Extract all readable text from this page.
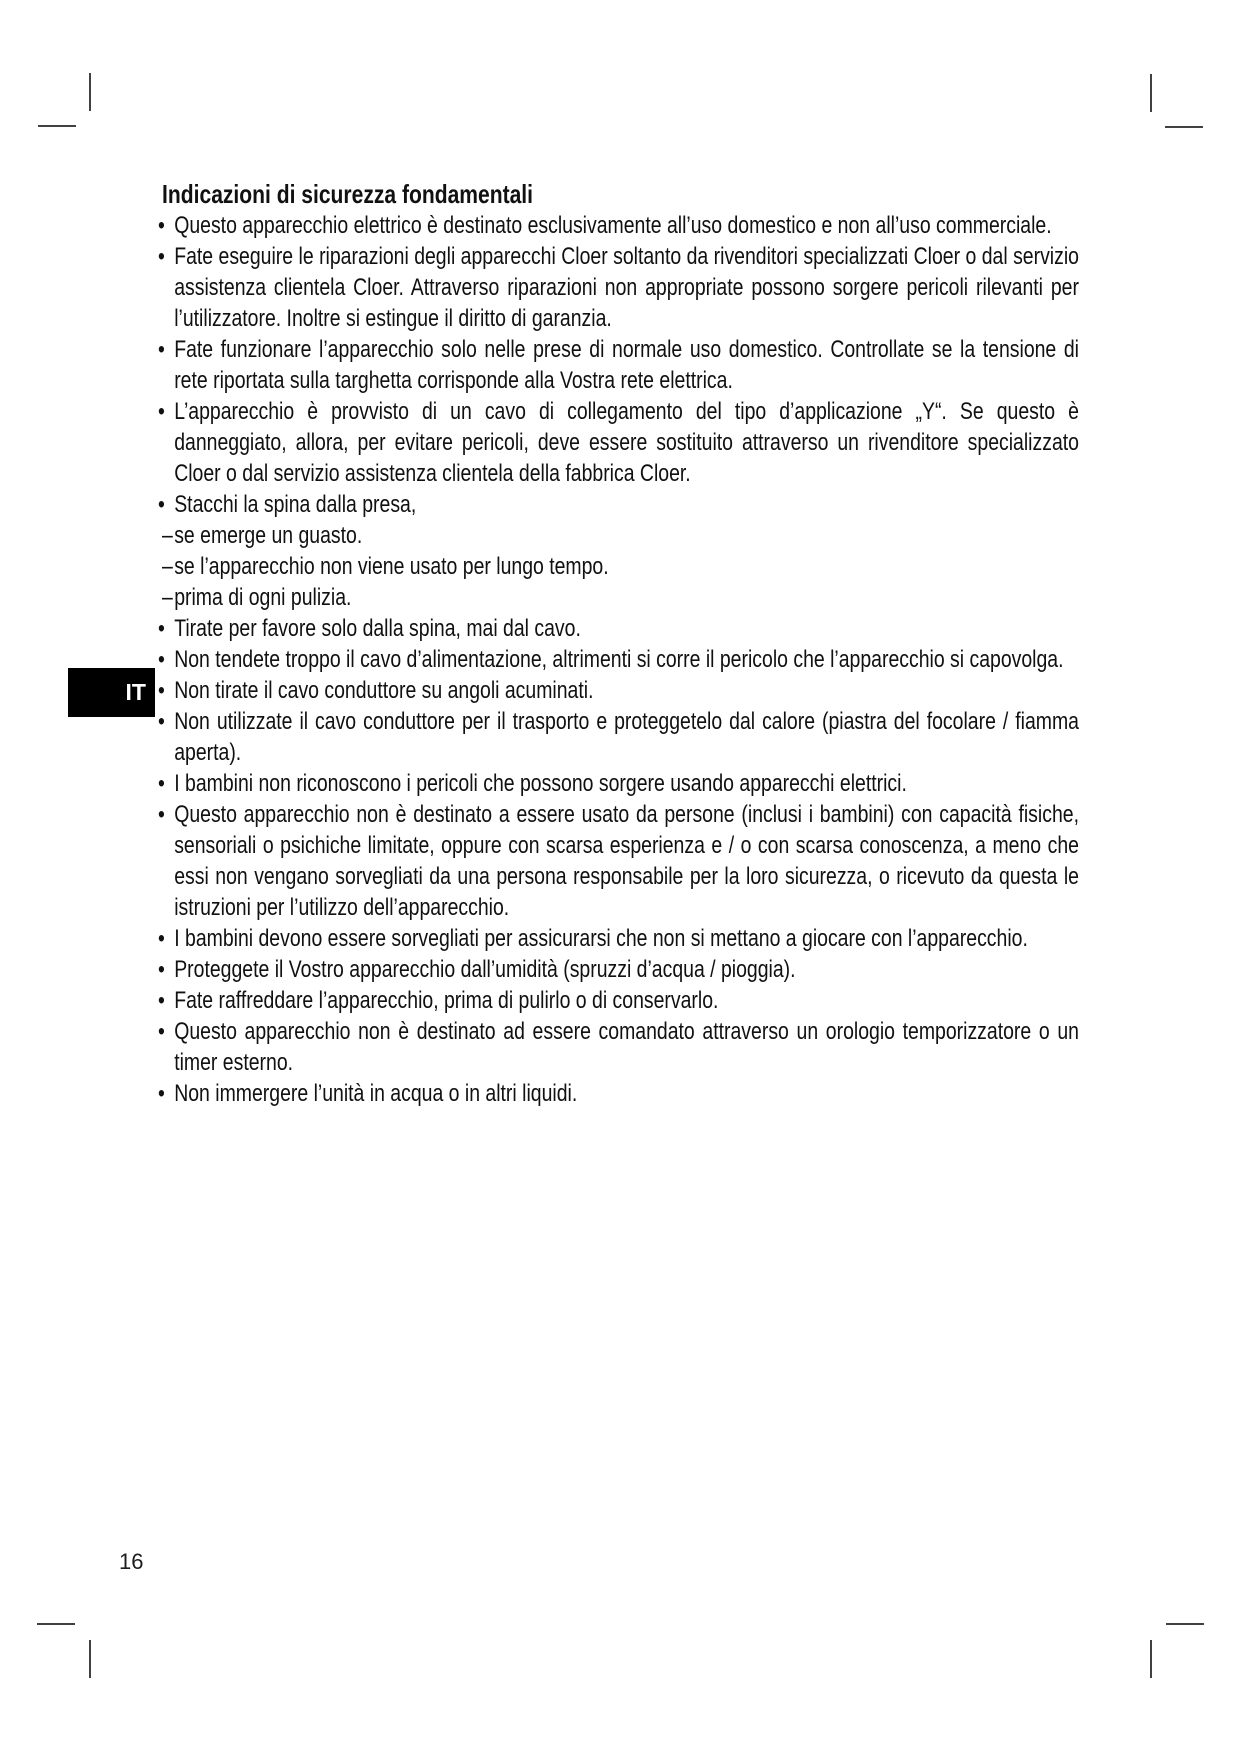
IT
Indicazioni di sicurezza fondamentali

• Questo apparecchio elettrico è destinato esclusivamente all’uso domestico e non all’uso commerciale.

• Fate eseguire le riparazioni degli apparecchi Cloer soltanto da rivenditori specializzati Cloer o dal servizio assistenza clientela Cloer. Attraverso riparazioni non appropriate possono sorgere pericoli rilevanti per l’utilizzatore. Inoltre si estingue il diritto di garanzia.

• Fate funzionare l’apparecchio solo nelle prese di normale uso domestico. Controllate se la tensione di rete riportata sulla targhetta corrisponde alla Vostra rete elettrica.

• L’apparecchio è provvisto di un cavo di collegamento del tipo d’applicazione „Y“. Se questo è danneggiato, allora, per evitare pericoli, deve essere sostituito attraverso un rivenditore specializzato Cloer o dal servizio assistenza clientela della fabbrica Cloer.

• Stacchi la spina dalla presa,

–se emerge un guasto.

–se l’apparecchio non viene usato per lungo tempo.

–prima di ogni pulizia.

• Tirate per favore solo dalla spina, mai dal cavo.

• Non tendete troppo il cavo d’alimentazione, altrimenti si corre il pericolo che l’apparecchio si capovolga.

• Non tirate il cavo conduttore su angoli acuminati.

• Non utilizzate il cavo conduttore per il trasporto e proteggetelo dal calore (piastra del focolare / fiamma aperta).

• I bambini non riconoscono i pericoli che possono sorgere usando apparecchi elettrici.

• Questo apparecchio non è destinato a essere usato da persone (inclusi i bambini) con capacità fisiche, sensoriali o psichiche limitate, oppure con scarsa esperienza e / o con scarsa conoscenza, a meno che essi non vengano sorvegliati da una persona responsabile per la loro sicurezza, o ricevuto da questa le istruzioni per l’utilizzo dell’apparecchio.

• I bambini devono essere sorvegliati per assicurarsi che non si mettano a giocare con l’apparecchio.

• Proteggete il Vostro apparecchio dall’umidità (spruzzi d’acqua / pioggia).

• Fate raffreddare l’apparecchio, prima di pulirlo o di conservarlo.

• Questo apparecchio non è destinato ad essere comandato attraverso un orologio temporizzatore o un timer esterno.

• Non immergere l’unità in acqua o in altri liquidi.

16
